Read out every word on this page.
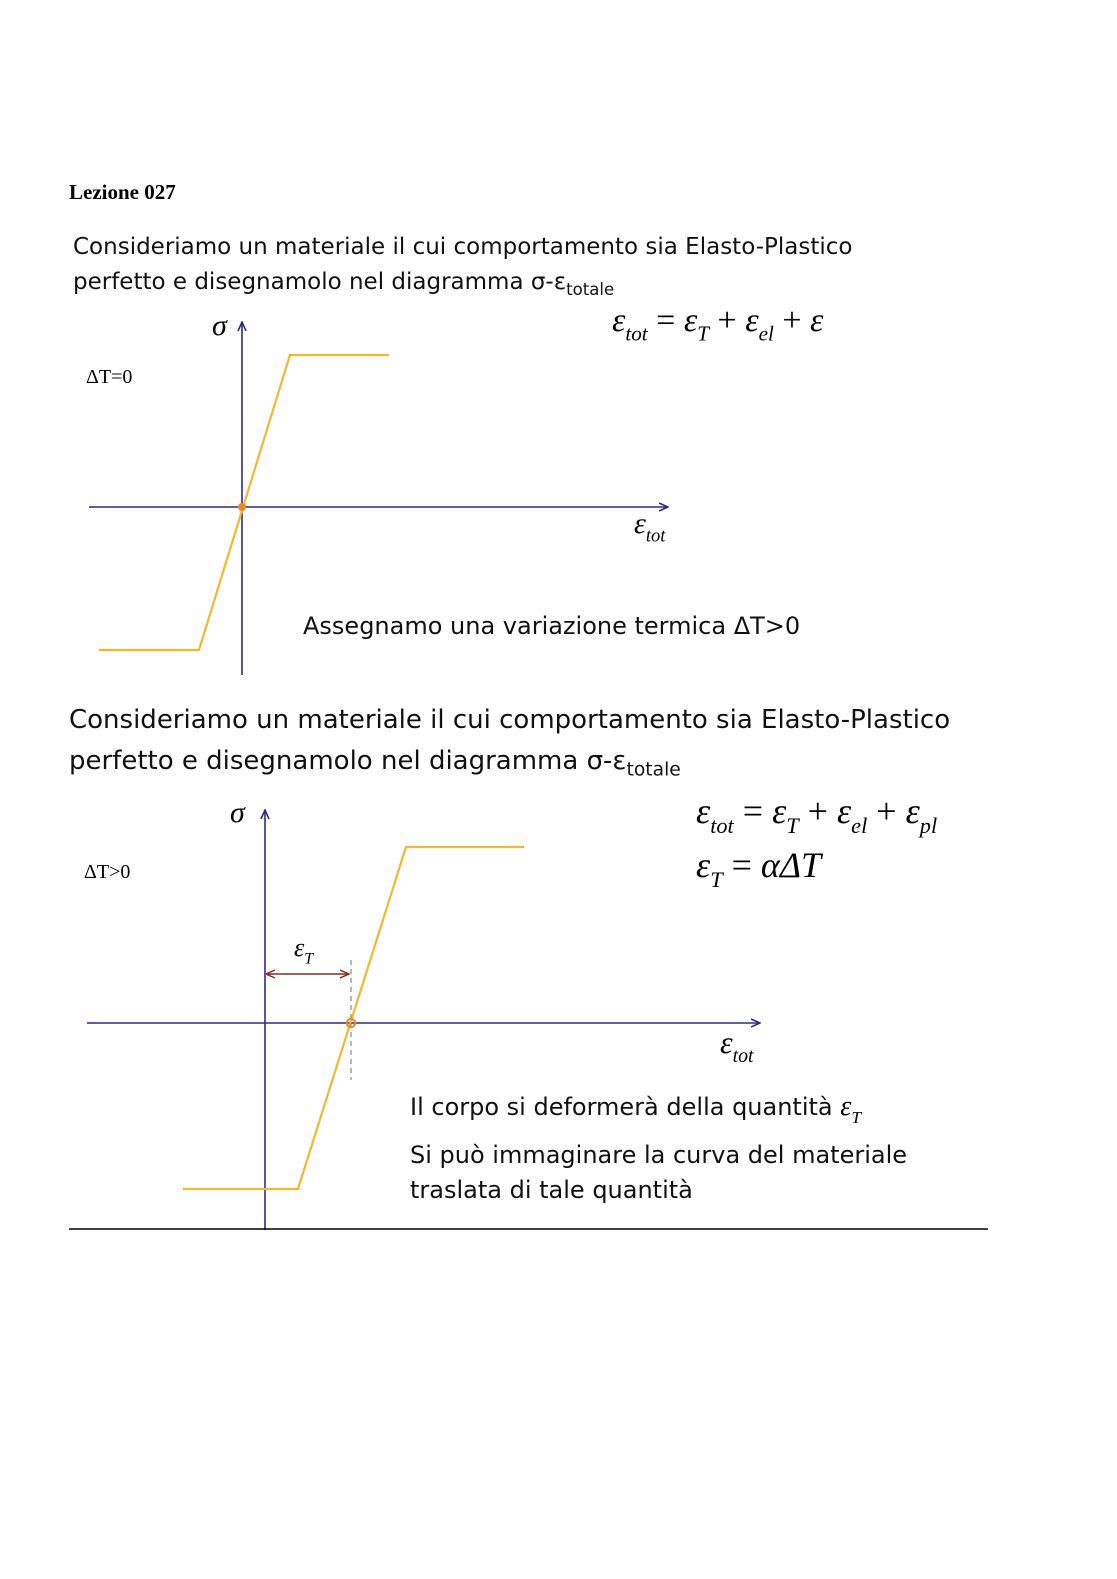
Lezione 027
Consideriamo un materiale il cui comportamento sia Elasto-Plastico
perfetto e disegnamolo nel diagramma $\sigma-\varepsilon_{totale}$
$\varepsilon_{tot} = \varepsilon_T + \varepsilon_{el} + \varepsilon$
ΔT=0
σ
$\varepsilon_{tot}$
Assegnamo una variazione termica ΔT>0
Consideriamo un materiale il cui comportamento sia Elasto-Plastico
perfetto e disegnamolo nel diagramma $\sigma-\varepsilon_{totale}$
$\varepsilon_{tot} = \varepsilon_T + \varepsilon_{el} + \varepsilon_{pl}$
$\varepsilon_T = \alpha\Delta T$
ΔT>0
σ
$\varepsilon_{tot}$
$\varepsilon_T$
Il corpo si deformerà della quantità $\varepsilon_T$
Si può immaginare la curva del materiale
traslata di tale quantità
